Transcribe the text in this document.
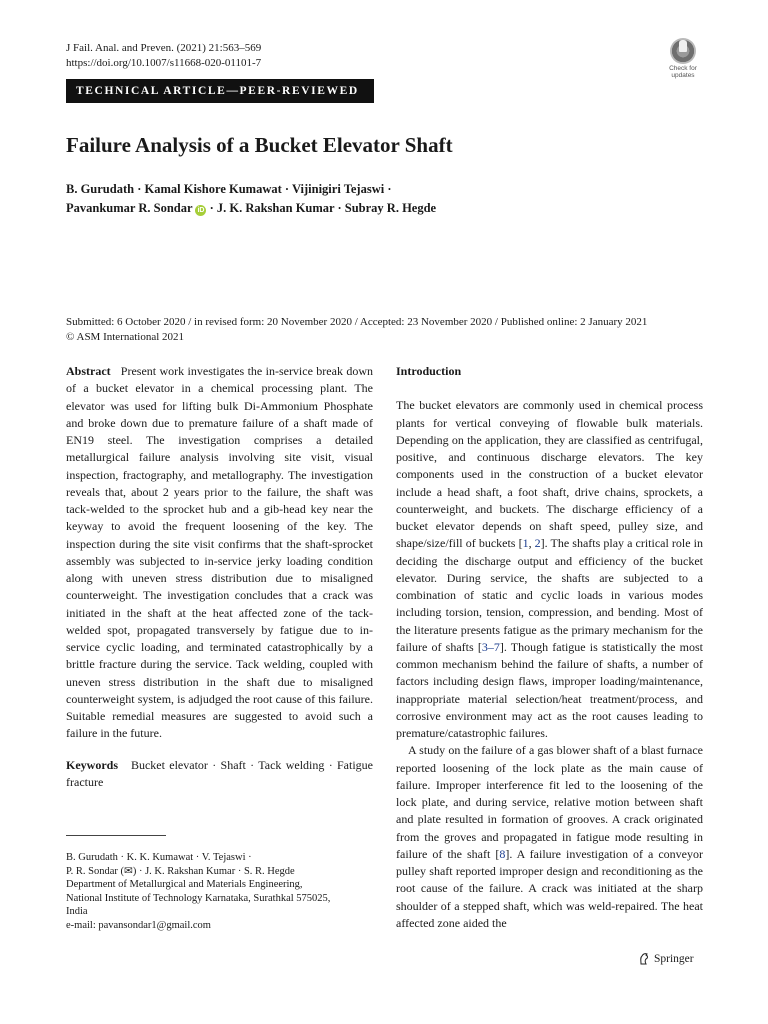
J Fail. Anal. and Preven. (2021) 21:563–569
https://doi.org/10.1007/s11668-020-01101-7	Check for
updates
TECHNICAL ARTICLE—PEER-REVIEWED
Failure Analysis of a Bucket Elevator Shaft
B. Gurudath · Kamal Kishore Kumawat · Vijinigiri Tejaswi ·
Pavankumar R. Sondar iD · J. K. Rakshan Kumar · Subray R. Hegde
Submitted: 6 October 2020 / in revised form: 20 November 2020 / Accepted: 23 November 2020 / Published online: 2 January 2021
© ASM International 2021

Abstract Present work investigates the in-service break down of a bucket elevator in a chemical processing plant. The elevator was used for lifting bulk Di-Ammonium Phosphate and broke down due to premature failure of a shaft made of EN19 steel. The investigation comprises a detailed metallurgical failure analysis involving site visit, visual inspection, fractography, and metallography. The investigation reveals that, about 2 years prior to the failure, the shaft was tack-welded to the sprocket hub and a gib-head key near the keyway to avoid the frequent loosening of the key. The inspection during the site visit confirms that the shaft-sprocket assembly was subjected to in-service jerky loading condition along with uneven stress distribution due to misaligned counterweight. The investigation concludes that a crack was initiated in the shaft at the heat affected zone of the tack-welded spot, propagated transversely by fatigue due to in-service cyclic loading, and terminated catastrophically by a brittle fracture during the service. Tack welding, coupled with uneven stress distribution in the shaft due to misaligned counterweight system, is adjudged the root cause of this failure. Suitable remedial measures are suggested to avoid such a failure in the future.

Keywords Bucket elevator · Shaft · Tack welding · Fatigue fracture

B. Gurudath · K. K. Kumawat · V. Tejaswi ·
P. R. Sondar (✉) · J. K. Rakshan Kumar · S. R. Hegde
Department of Metallurgical and Materials Engineering,
National Institute of Technology Karnataka, Surathkal 575025,
India
e-mail: pavansondar1@gmail.com
Introduction

The bucket elevators are commonly used in chemical process plants for vertical conveying of flowable bulk materials. Depending on the application, they are classified as centrifugal, positive, and continuous discharge elevators. The key components used in the construction of a bucket elevator include a head shaft, a foot shaft, drive chains, sprockets, a counterweight, and buckets. The discharge efficiency of a bucket elevator depends on shaft speed, pulley size, and shape/size/fill of buckets [1, 2]. The shafts play a critical role in deciding the discharge output and efficiency of the bucket elevator. During service, the shafts are subjected to a combination of static and cyclic loads in various modes including torsion, tension, compression, and bending. Most of the literature presents fatigue as the primary mechanism for the failure of shafts [3–7]. Though fatigue is statistically the most common mechanism behind the failure of shafts, a number of factors including design flaws, improper loading/maintenance, inappropriate material selection/heat treatment/process, and corrosive environment may act as the root causes leading to premature/catastrophic failures.

A study on the failure of a gas blower shaft of a blast furnace reported loosening of the lock plate as the main cause of failure. Improper interference fit led to the loosening of the lock plate, and during service, relative motion between shaft and plate resulted in formation of grooves. A crack originated from the groves and propagated in fatigue mode resulting in failure of the shaft [8]. A failure investigation of a conveyor pulley shaft reported improper design and reconditioning as the root cause of the failure. A crack was initiated at the sharp shoulder of a stepped shaft, which was weld-repaired. The heat affected zone aided the

Springer
